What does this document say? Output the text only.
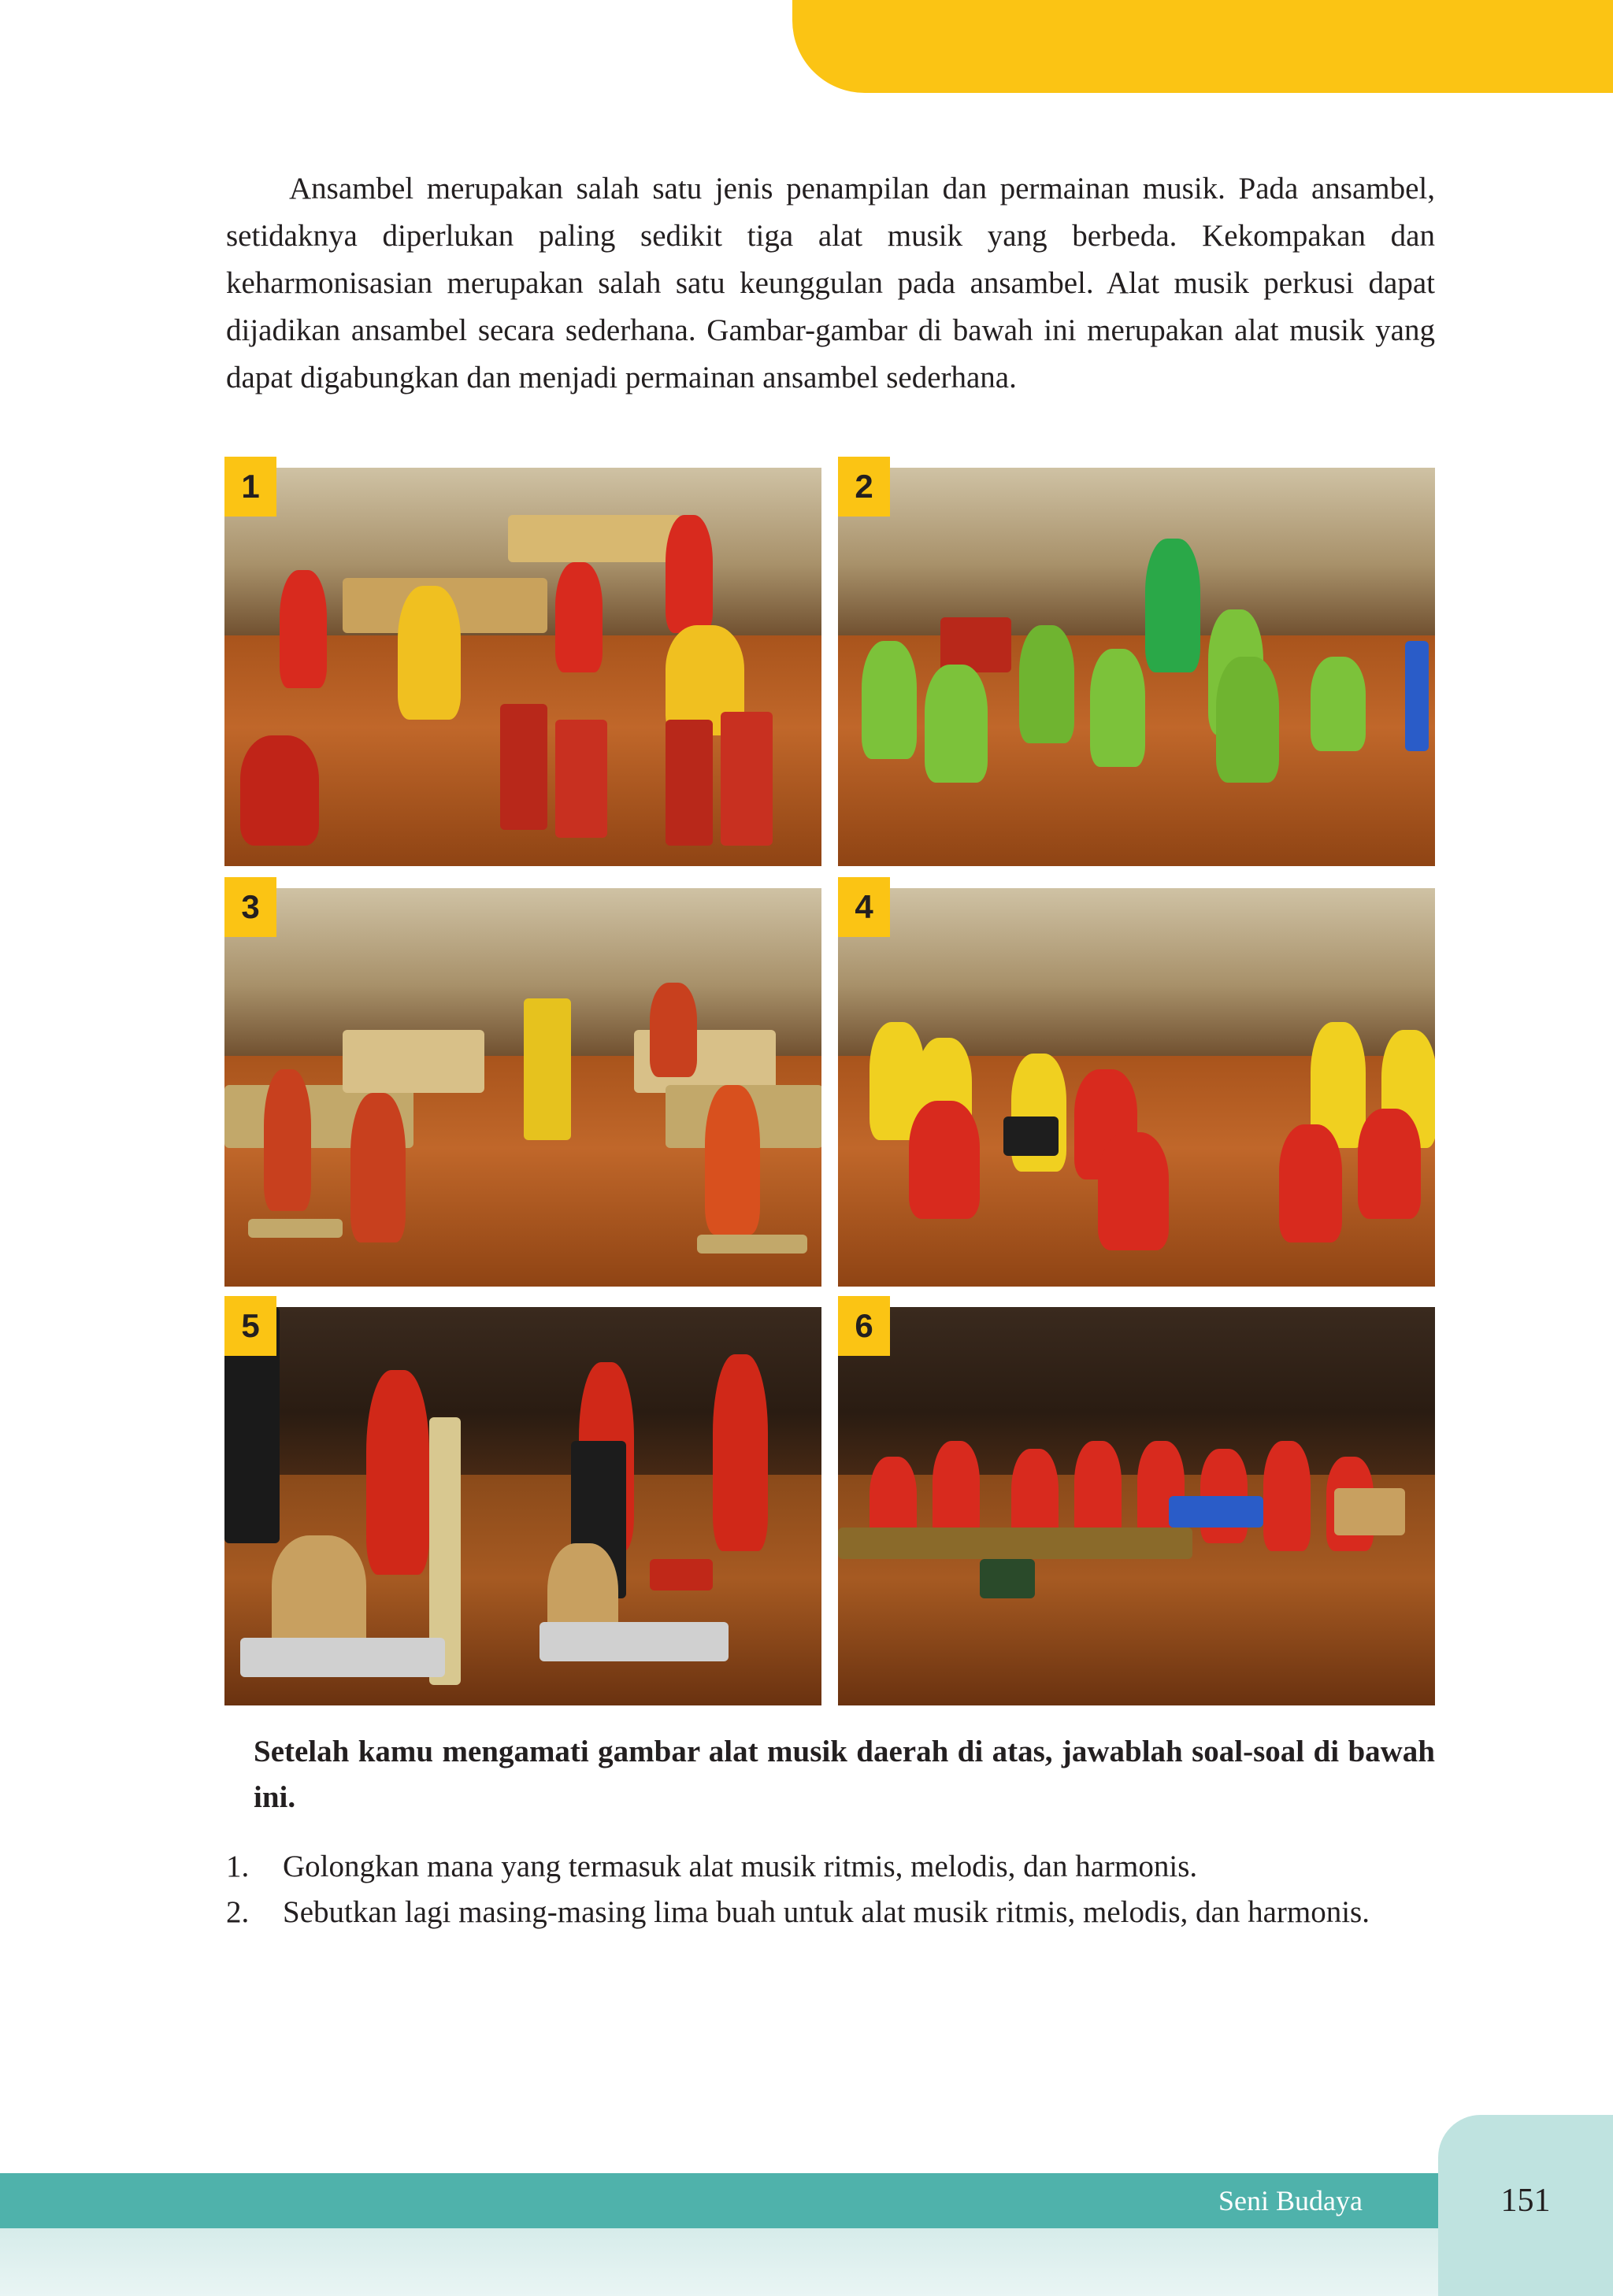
Ansambel merupakan salah satu jenis penampilan dan permainan musik. Pada ansambel, setidaknya diperlukan paling sedikit tiga alat musik yang berbeda. Kekompakan dan keharmonisasian merupakan salah satu keunggulan pada ansambel. Alat musik perkusi dapat dijadikan ansambel secara sederhana. Gambar-gambar di bawah ini merupakan alat musik yang dapat digabungkan dan menjadi permainan ansambel sederhana.

1	2
3	4
5	6

Setelah kamu mengamati gambar alat musik daerah di atas, jawablah soal-soal di bawah ini.

1. Golongkan mana yang termasuk alat musik ritmis, melodis, dan harmonis.
2. Sebutkan lagi masing-masing lima buah untuk alat musik ritmis, melodis, dan harmonis.
Seni Budaya	151
